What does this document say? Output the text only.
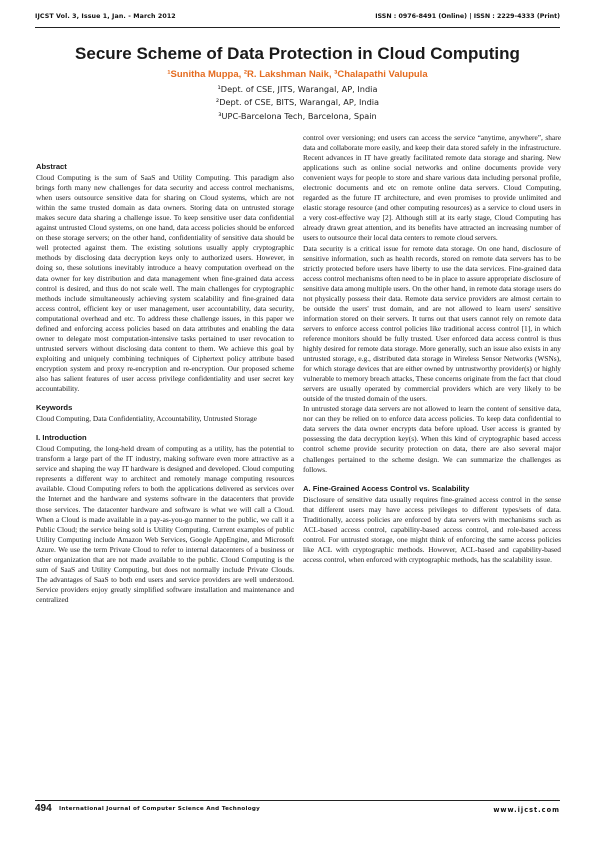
IJCST Vol. 3, Issue 1, Jan. - March 2012	ISSN : 0976-8491 (Online) | ISSN : 2229-4333 (Print)
Secure Scheme of Data Protection in Cloud Computing
¹Sunitha Muppa, ²R. Lakshman Naik, ³Chalapathi Valupula
¹Dept. of CSE, JITS, Warangal, AP, India
²Dept. of CSE, BITS, Warangal, AP, India
³UPC-Barcelona Tech, Barcelona, Spain
Abstract

Cloud Computing is the sum of SaaS and Utility Computing. This paradigm also brings forth many new challenges for data security and access control mechanisms, when users outsource sensitive data for sharing on Cloud systems, which are not within the same trusted domain as data owners. Storing data on untrusted storage makes secure data sharing a challenge issue. To keep sensitive user data confidential against untrusted Cloud systems, on one hand, data access policies should be enforced on these storage servers; on the other hand, confidentiality of sensitive data should be well protected against them. The existing solutions usually apply cryptographic methods by disclosing data decryption keys only to authorized users. However, in doing so, these solutions inevitably introduce a heavy computation overhead on the data owner for key distribution and data management when fine-grained data access control is desired, and thus do not scale well. The main challenges for cryptographic methods include simultaneously achieving system scalability and fine-grained data access control, efficient key or user management, user accountability, data security, computational overhead and etc. To address these challenge issues, in this paper we defined and enforcing access policies based on data attributes and enabling the data owner to delegate most computation-intensive tasks pertained to user revocation to untrusted servers without disclosing data content to them. We achieve this goal by exploiting and uniquely combining techniques of Ciphertext policy attribute based encryption system and proxy re-encryption and re-encryption. Our proposed scheme also has salient features of user access privilege confidentiality and user secret key accountability.

Keywords

Cloud Computing, Data Confidentiality, Accountability, Untrusted Storage

I. Introduction

Cloud Computing, the long-held dream of computing as a utility, has the potential to transform a large part of the IT industry, making software even more attractive as a service and shaping the way IT hardware is designed and developed. Cloud computing represents a different way to architect and remotely manage computing resources available. Cloud Computing refers to both the applications delivered as services over the Internet and the hardware and systems software in the datacenters that provide those services. The datacenter hardware and software is what we will call a Cloud. When a Cloud is made available in a pay-as-you-go manner to the public, we call it a Public Cloud; the service being sold is Utility Computing. Current examples of public Utility Computing include Amazon Web Services, Google AppEngine, and Microsoft Azure. We use the term Private Cloud to refer to internal datacenters of a business or other organization that are not made available to the public. Cloud Computing is the sum of SaaS and Utility Computing, but does not normally include Private Clouds. The advantages of SaaS to both end users and service providers are well understood. Service providers enjoy greatly simplified software installation and maintenance and centralized

control over versioning; end users can access the service “anytime, anywhere”, share data and collaborate more easily, and keep their data stored safely in the infrastructure. Recent advances in IT have greatly facilitated remote data storage and sharing. New applications such as online social networks and online documents provide very convenient ways for people to store and share various data including personal profile, electronic documents and etc on remote online data servers. Cloud Computing, regarded as the future IT architecture, and even promises to provide unlimited and elastic storage resource (and other computing resources) as a service to cloud users in a very cost-effective way [2]. Although still at its early stage, Cloud Computing has already drawn great attention, and its benefits have attracted an increasing number of users to outsource their local data centers to remote cloud servers.

Data security is a critical issue for remote data storage. On one hand, disclosure of sensitive information, such as health records, stored on remote data servers has to be strictly protected before users have liberty to use the data services. Fine-grained data access control mechanisms often need to be in place to assure appropriate disclosure of sensitive data among multiple users. On the other hand, in remote data storage users do not physically possess their data. Remote data service providers are almost certain to be outside the users' trust domain, and are not allowed to learn users' sensitive information stored on their servers. It turns out that users cannot rely on remote data servers to enforce access control policies like traditional access control [1], in which reference monitors should be fully trusted. User enforced data access control is thus highly desired for remote data storage. More generally, such an issue also exists in any untrusted storage, e.g., distributed data storage in Wireless Sensor Networks (WSNs), for which storage devices that are either owned by untrustworthy provider(s) or highly vulnerable to memory breach attacks, These concerns originate from the fact that cloud servers are usually operated by commercial providers which are very likely to be outside of the trusted domain of the users.

In untrusted storage data servers are not allowed to learn the content of sensitive data, nor can they be relied on to enforce data access policies. To keep data confidential to data servers the data owner encrypts data before upload. User access is granted by possessing the data decryption key(s). When this kind of cryptographic based access control scheme provide security protection on data, there are also several major challenges pertained to the scheme design. We can summarize the challenges as follows.

A. Fine-Grained Access Control vs. Scalability

Disclosure of sensitive data usually requires fine-grained access control in the sense that different users may have access privileges to different types/sets of data. Traditionally, access policies are enforced by data servers with mechanisms such as ACL-based access control, capability-based access control, and role-based access control. For untrusted storage, one might think of enforcing the same access policies like ACL with cryptographic methods. However, ACL-based and capability-based access control, when enforced with cryptographic methods, has the scalability issue.

494 International Journal of Computer Science And Technology	www.ijcst.com
